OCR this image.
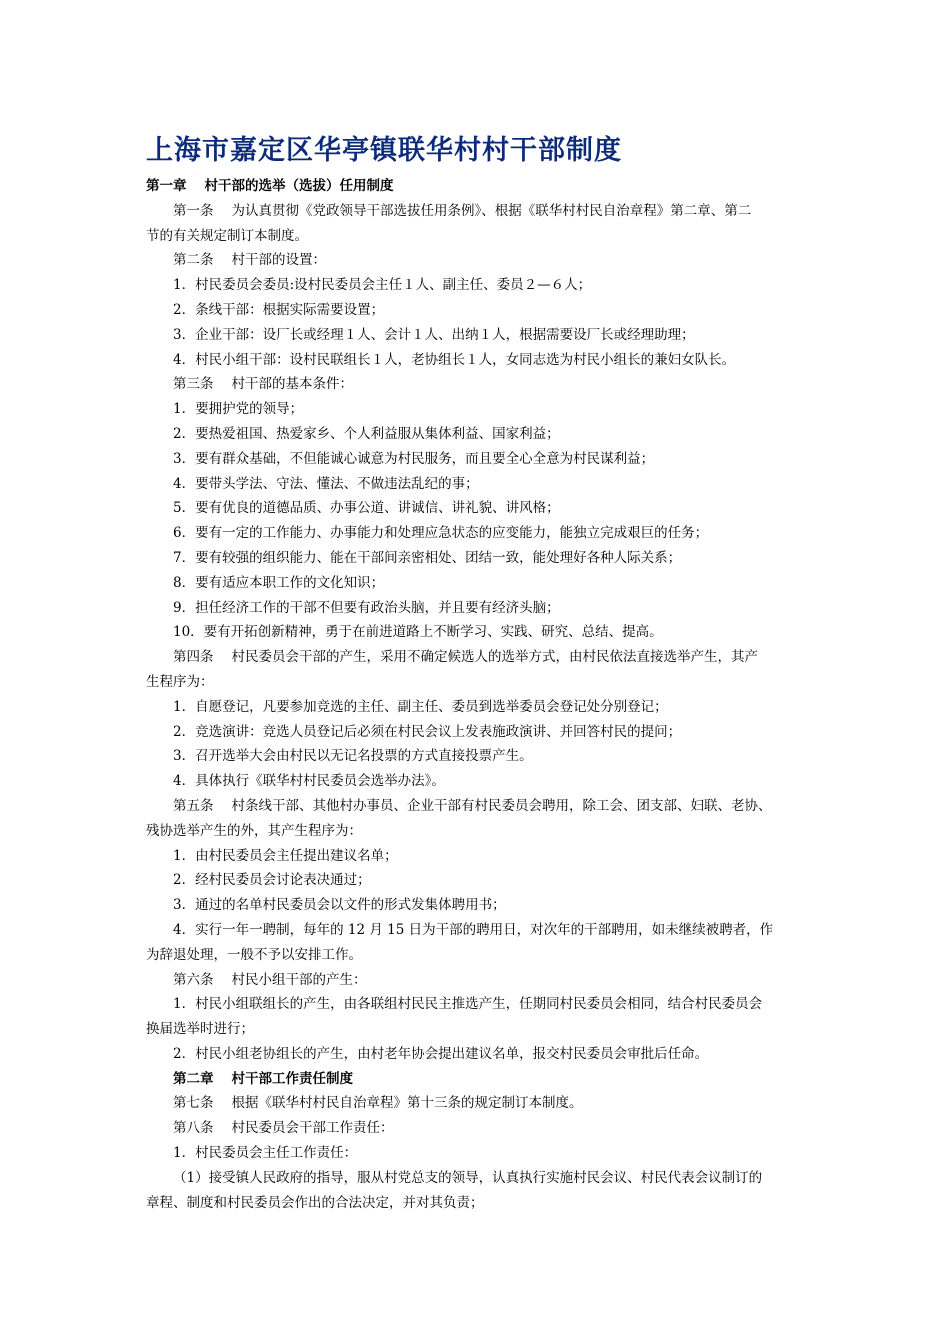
上海市嘉定区华亭镇联华村村干部制度
第一章 村干部的选举（选拔）任用制度
第一条 为认真贯彻《党政领导干部选拔任用条例》、根据《联华村村民自治章程》第二章、第二
节的有关规定制订本制度。
第二条 村干部的设置：
1．村民委员会委员:设村民委员会主任１人、副主任、委员２—６人；
2．条线干部：根据实际需要设置；
3．企业干部：设厂长或经理１人、会计１人、出纳１人，根据需要设厂长或经理助理；
4．村民小组干部：设村民联组长１人，老协组长１人，女同志选为村民小组长的兼妇女队长。
第三条 村干部的基本条件：
1．要拥护党的领导；
2．要热爱祖国、热爱家乡、个人利益服从集体利益、国家利益；
3．要有群众基础，不但能诚心诚意为村民服务，而且要全心全意为村民谋利益；
4．要带头学法、守法、懂法、不做违法乱纪的事；
5．要有优良的道德品质、办事公道、讲诚信、讲礼貌、讲风格；
6．要有一定的工作能力、办事能力和处理应急状态的应变能力，能独立完成艰巨的任务；
7．要有较强的组织能力、能在干部间亲密相处、团结一致，能处理好各种人际关系；
8．要有适应本职工作的文化知识；
9．担任经济工作的干部不但要有政治头脑，并且要有经济头脑；
10．要有开拓创新精神，勇于在前进道路上不断学习、实践、研究、总结、提高。
第四条 村民委员会干部的产生，采用不确定候选人的选举方式，由村民依法直接选举产生，其产
生程序为：
1．自愿登记，凡要参加竞选的主任、副主任、委员到选举委员会登记处分别登记；
2．竞选演讲：竞选人员登记后必须在村民会议上发表施政演讲、并回答村民的提问；
3．召开选举大会由村民以无记名投票的方式直接投票产生。
4．具体执行《联华村村民委员会选举办法》。
第五条 村条线干部、其他村办事员、企业干部有村民委员会聘用，除工会、团支部、妇联、老协、
残协选举产生的外，其产生程序为：
1．由村民委员会主任提出建议名单；
2．经村民委员会讨论表决通过；
3．通过的名单村民委员会以文件的形式发集体聘用书；
4．实行一年一聘制，每年的 12 月 15 日为干部的聘用日，对次年的干部聘用，如未继续被聘者，作
为辞退处理，一般不予以安排工作。
第六条 村民小组干部的产生：
1．村民小组联组长的产生，由各联组村民民主推选产生，任期同村民委员会相同，结合村民委员会
换届选举时进行；
2．村民小组老协组长的产生，由村老年协会提出建议名单，报交村民委员会审批后任命。
第二章 村干部工作责任制度
第七条 根据《联华村村民自治章程》第十三条的规定制订本制度。
第八条 村民委员会干部工作责任：
1．村民委员会主任工作责任：
（1）接受镇人民政府的指导，服从村党总支的领导，认真执行实施村民会议、村民代表会议制订的
章程、制度和村民委员会作出的合法决定，并对其负责；
